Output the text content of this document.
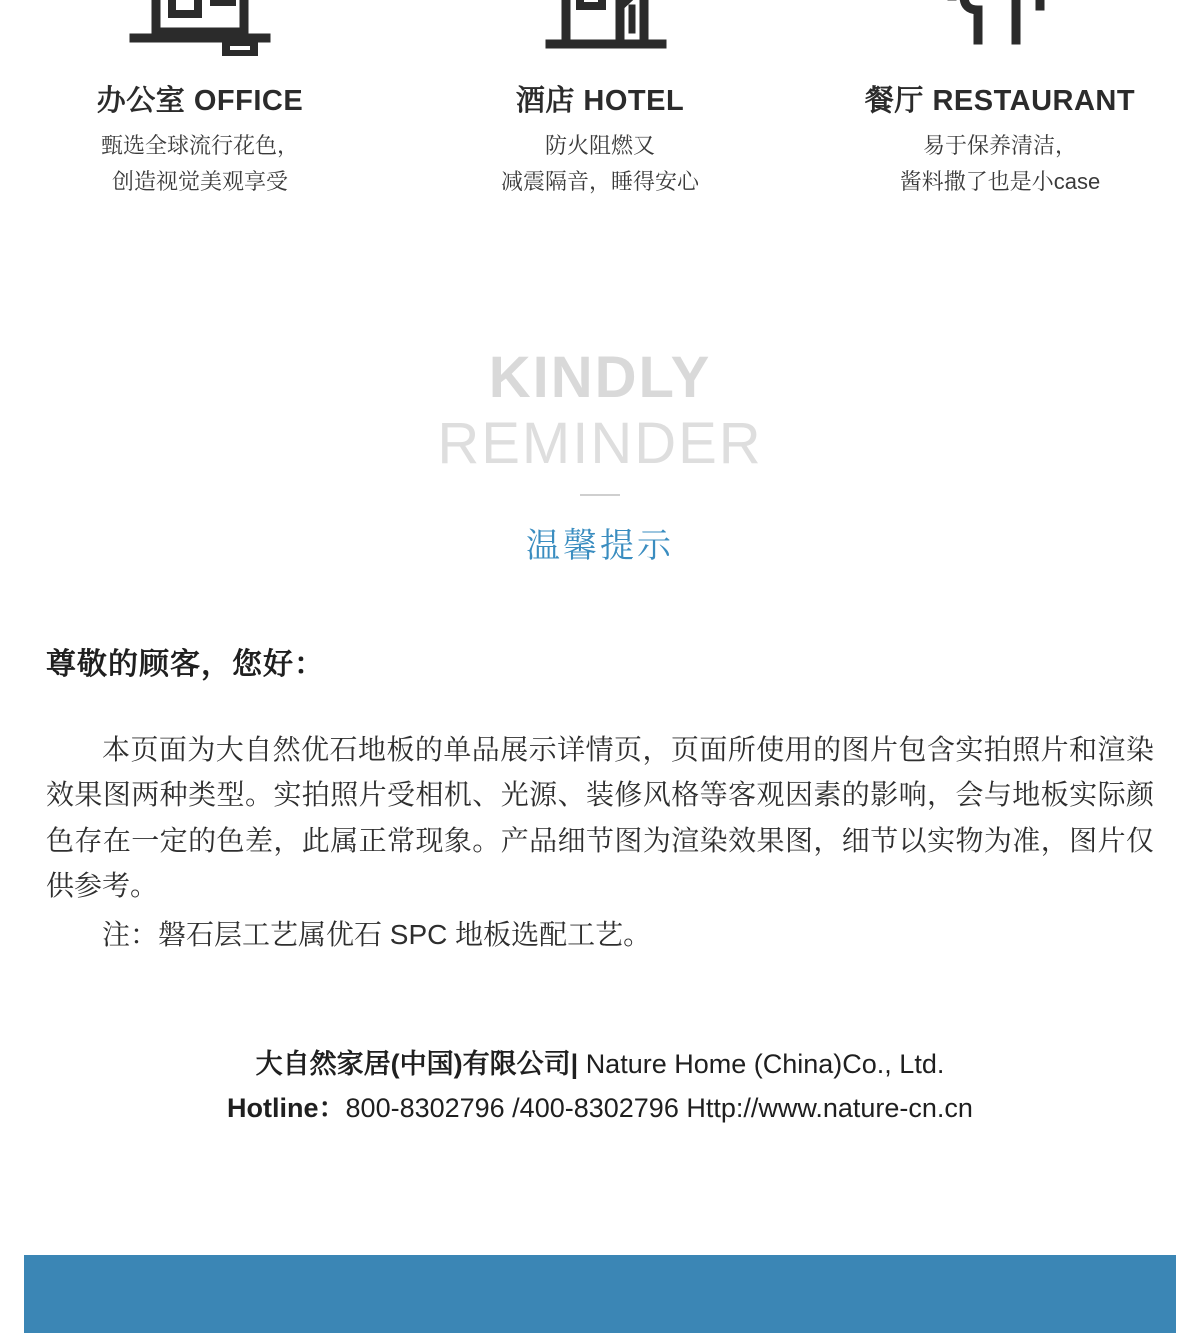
办公室 OFFICE
甄选全球流行花色，
创造视觉美观享受
酒店 HOTEL
防火阻燃又
减震隔音，睡得安心
餐厅 RESTAURANT
易于保养清洁，
酱料撒了也是小case
KINDLY
REMINDER
温馨提示
尊敬的顾客，您好：
本页面为大自然优石地板的单品展示详情页，页面所使用的图片包含实拍照片和渲染效果图两种类型。实拍照片受相机、光源、装修风格等客观因素的影响，会与地板实际颜色存在一定的色差，此属正常现象。产品细节图为渲染效果图，细节以实物为准，图片仅供参考。
注：磐石层工艺属优石 SPC 地板选配工艺。
大自然家居(中国)有限公司| Nature Home (China)Co., Ltd.
Hotline：800-8302796 /400-8302796 Http://www.nature-cn.cn
